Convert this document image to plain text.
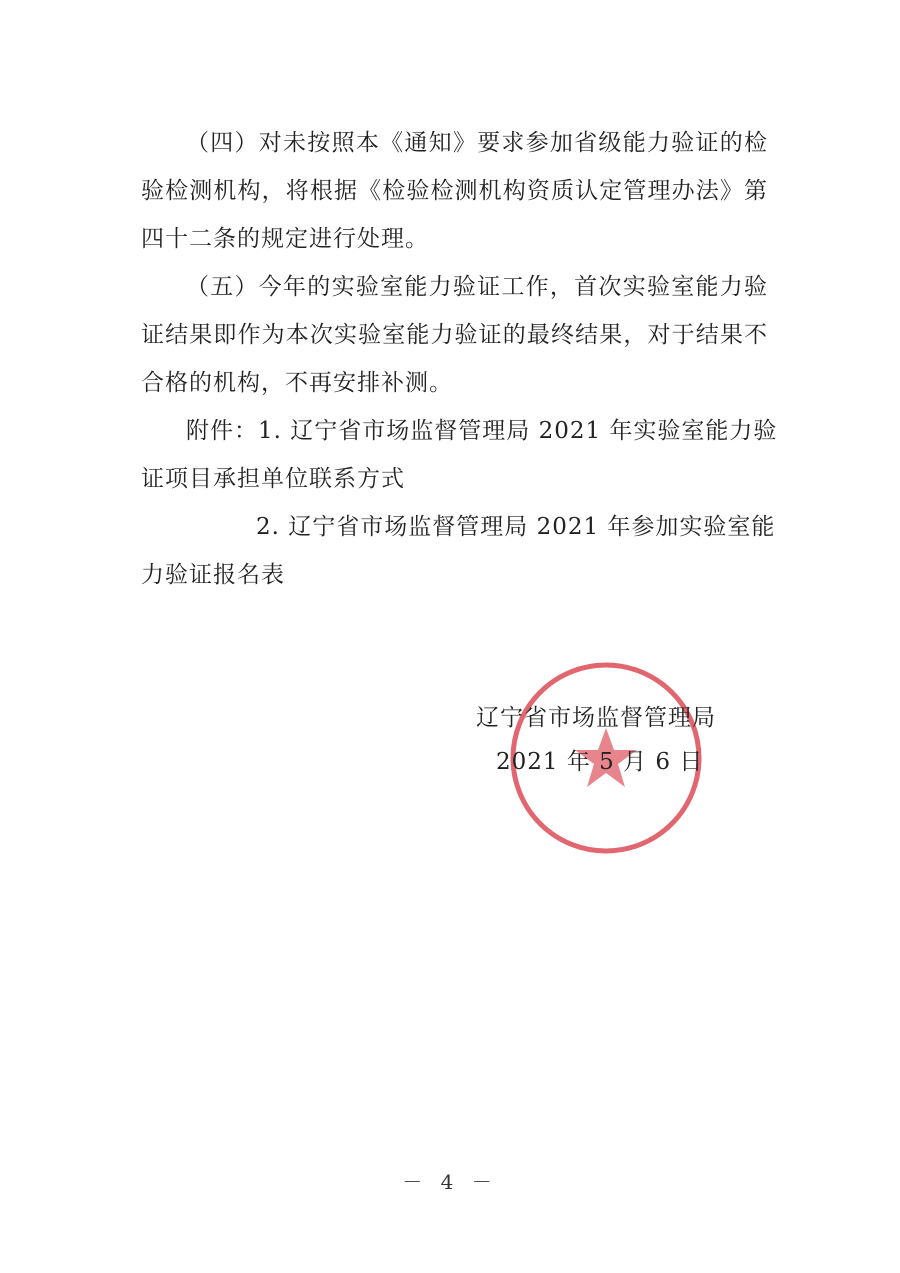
（四）对未按照本《通知》要求参加省级能力验证的检
验检测机构，将根据《检验检测机构资质认定管理办法》第
四十二条的规定进行处理。
（五）今年的实验室能力验证工作，首次实验室能力验
证结果即作为本次实验室能力验证的最终结果，对于结果不
合格的机构，不再安排补测。
附件：1. 辽宁省市场监督管理局 2021 年实验室能力验
证项目承担单位联系方式
2. 辽宁省市场监督管理局 2021 年参加实验室能
力验证报名表
辽宁省市场监督管理局
2021 年 5 月 6 日
－ 4 －
